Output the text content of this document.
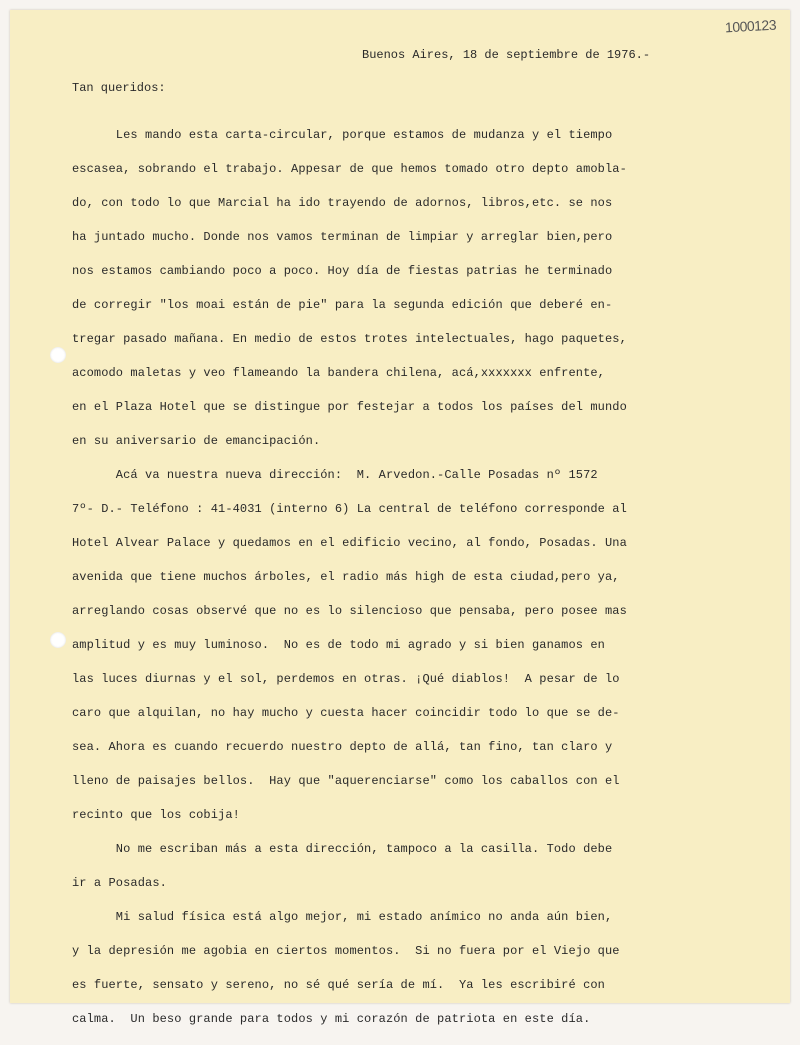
1000123
Buenos Aires, 18 de septiembre de 1976.-
Tan queridos:

Les mando esta carta-circular, porque estamos de mudanza y el tiempo

escasea, sobrando el trabajo. Appesar de que hemos tomado otro depto amobla-

do, con todo lo que Marcial ha ido trayendo de adornos, libros,etc. se nos

ha juntado mucho. Donde nos vamos terminan de limpiar y arreglar bien,pero

nos estamos cambiando poco a poco. Hoy día de fiestas patrias he terminado

de corregir "los moai están de pie" para la segunda edición que deberé en-

tregar pasado mañana. En medio de estos trotes intelectuales, hago paquetes,

acomodo maletas y veo flameando la bandera chilena, acá,xxxxxxx enfrente,

en el Plaza Hotel que se distingue por festejar a todos los países del mundo

en su aniversario de emancipación.

Acá va nuestra nueva dirección:  M. Arvedon.-Calle Posadas nº 1572

7º- D.- Teléfono : 41-4031 (interno 6) La central de teléfono corresponde al

Hotel Alvear Palace y quedamos en el edificio vecino, al fondo, Posadas. Una

avenida que tiene muchos árboles, el radio más high de esta ciudad,pero ya,

arreglando cosas observé que no es lo silencioso que pensaba, pero posee mas

amplitud y es muy luminoso.  No es de todo mi agrado y si bien ganamos en

las luces diurnas y el sol, perdemos en otras. ¡Qué diablos!  A pesar de lo

caro que alquilan, no hay mucho y cuesta hacer coincidir todo lo que se de-

sea. Ahora es cuando recuerdo nuestro depto de allá, tan fino, tan claro y

lleno de paisajes bellos.  Hay que "aquerenciarse" como los caballos con el

recinto que los cobija!

No me escriban más a esta dirección, tampoco a la casilla. Todo debe

ir a Posadas.

Mi salud física está algo mejor, mi estado anímico no anda aún bien,

y la depresión me agobia en ciertos momentos.  Si no fuera por el Viejo que

es fuerte, sensato y sereno, no sé qué sería de mí.  Ya les escribiré con

calma.  Un beso grande para todos y mi corazón de patriota en este día.
